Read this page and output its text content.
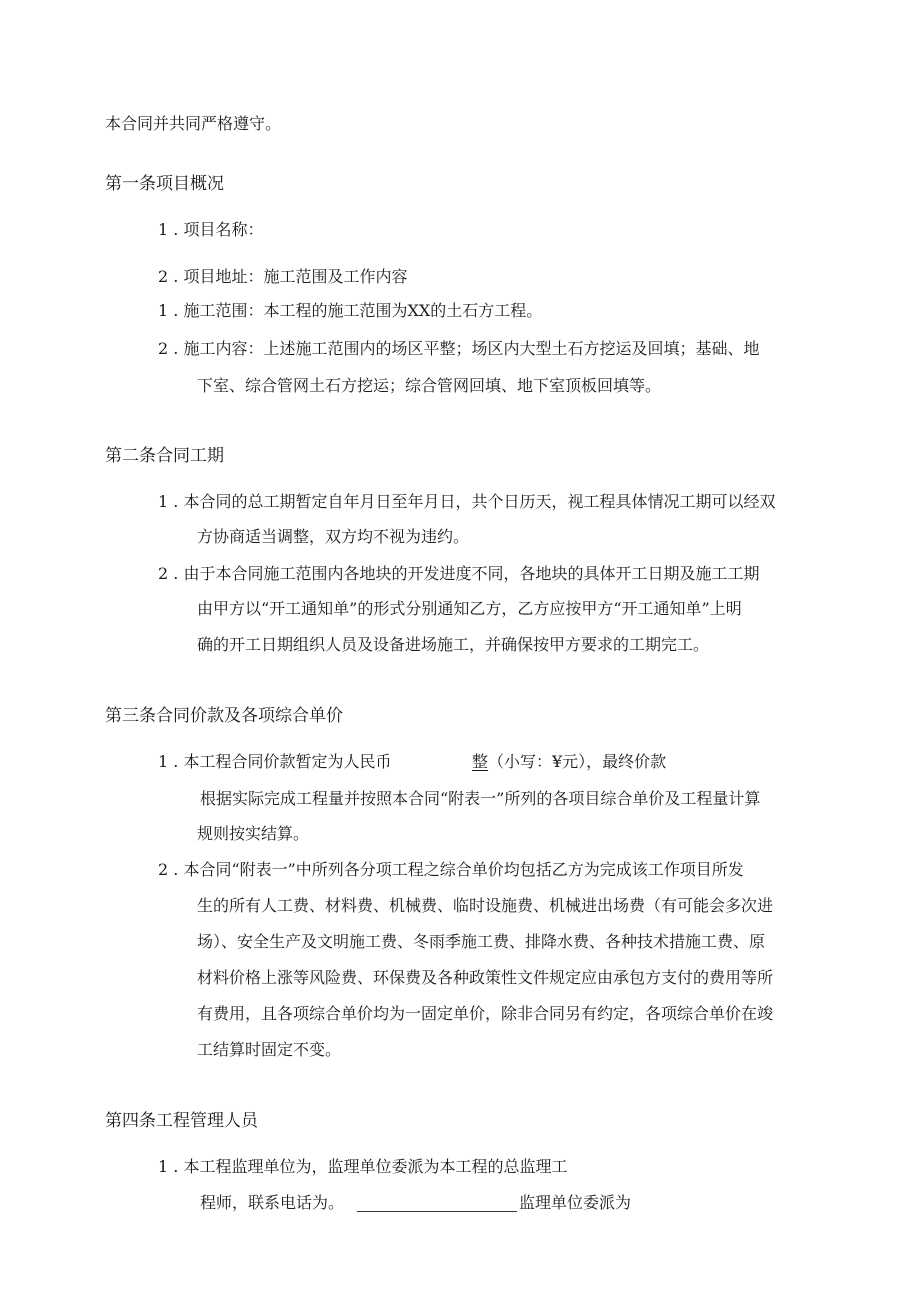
本合同并共同严格遵守。

第一条项目概况

1 . 项目名称：

2 . 项目地址：施工范围及工作内容

1 . 施工范围：本工程的施工范围为XX的土石方工程。

2 . 施工内容：上述施工范围内的场区平整；场区内大型土石方挖运及回填；基础、地

下室、综合管网土石方挖运；综合管网回填、地下室顶板回填等。

第二条合同工期

1 . 本合同的总工期暂定自年月日至年月日，共个日历天，视工程具体情况工期可以经双

方协商适当调整，双方均不视为违约。

2 . 由于本合同施工范围内各地块的开发进度不同，各地块的具体开工日期及施工工期

由甲方以“开工通知单”的形式分别通知乙方，乙方应按甲方“开工通知单”上明

确的开工日期组织人员及设备进场施工，并确保按甲方要求的工期完工。

第三条合同价款及各项综合单价

1 . 本工程合同价款暂定为人民币	整 （小写：¥元），最终价款

根据实际完成工程量并按照本合同“附表一”所列的各项目综合单价及工程量计算

规则按实结算。

2 . 本合同“附表一”中所列各分项工程之综合单价均包括乙方为完成该工作项目所发

生的所有人工费、材料费、机械费、临时设施费、机械进出场费（有可能会多次进

场）、安全生产及文明施工费、冬雨季施工费、排降水费、各种技术措施工费、原

材料价格上涨等风险费、环保费及各种政策性文件规定应由承包方支付的费用等所

有费用，且各项综合单价均为一固定单价，除非合同另有约定，各项综合单价在竣

工结算时固定不变。

第四条工程管理人员

1 . 本工程监理单位为，监理单位委派为本工程的总监理工

程师，联系电话为。	监理单位委派为
